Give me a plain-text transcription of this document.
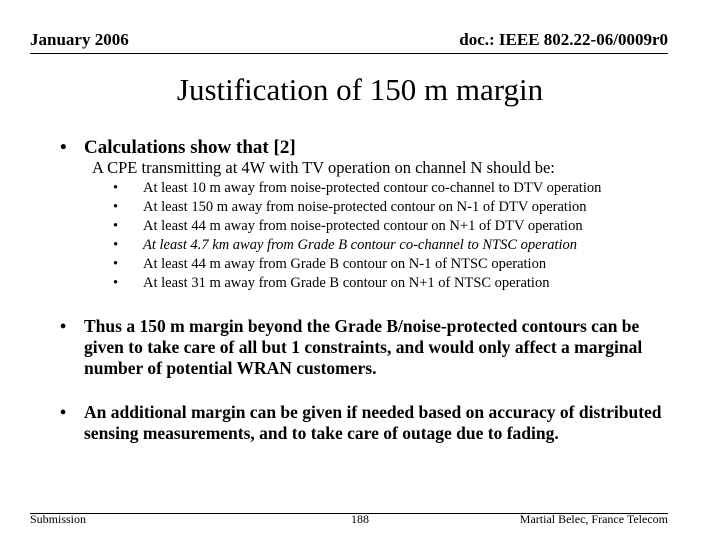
January 2006	doc.: IEEE 802.22-06/0009r0
Justification of 150 m margin
• Calculations show that [2]
A CPE transmitting at 4W with TV operation on channel N should be:
• At least 10 m away from noise-protected contour co-channel to DTV operation
• At least 150 m away from noise-protected contour on N-1 of DTV operation
• At least 44 m away from noise-protected contour on N+1 of DTV operation
• At least 4.7 km away from Grade B contour co-channel to NTSC operation
• At least 44 m away from Grade B contour on N-1 of NTSC operation
• At least 31 m away from Grade B contour on N+1 of NTSC operation
• Thus a 150 m margin beyond the Grade B/noise-protected contours can be given to take care of all but 1 constraints, and would only affect a marginal number of potential WRAN customers.
• An additional margin can be given if needed based on accuracy of distributed sensing measurements, and to take care of outage due to fading.
Submission	188	Martial Belec, France Telecom
